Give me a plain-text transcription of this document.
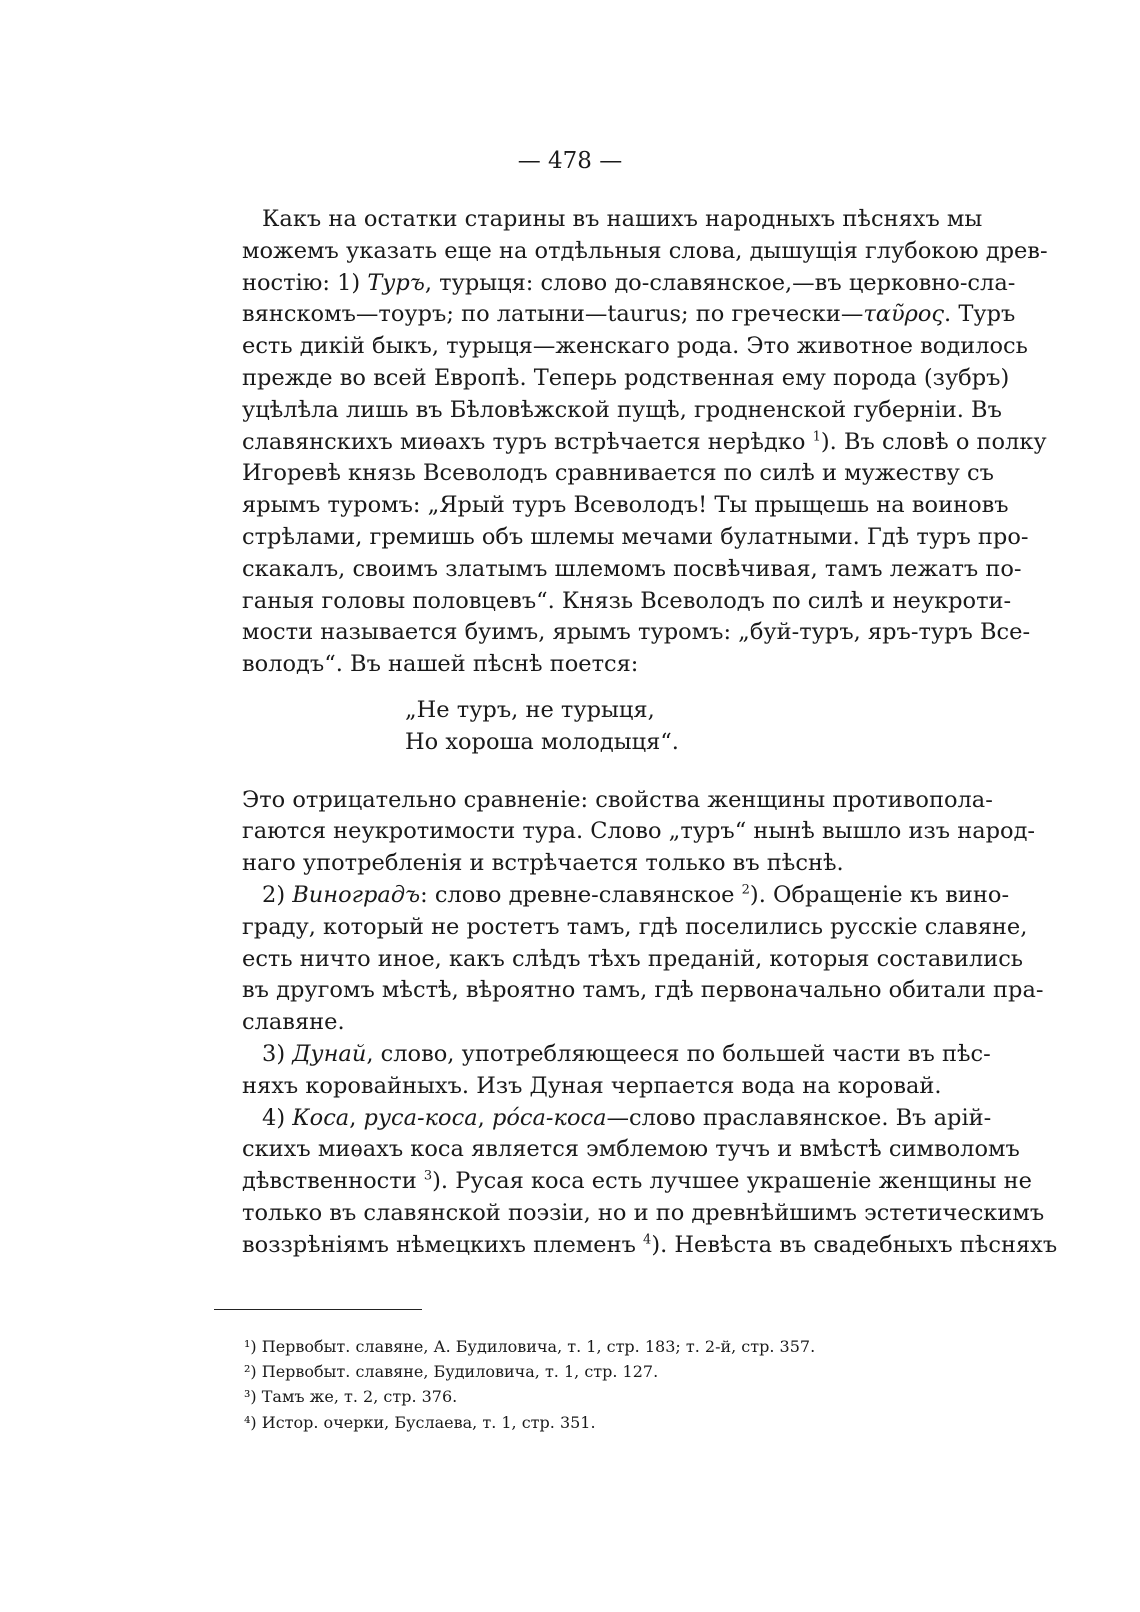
— 478 —
Какъ на остатки старины въ нашихъ народныхъ пѣсняхъ мы
можемъ указать еще на отдѣльныя слова, дышущія глубокою древ-
ностію: 1) Туръ, турыця: слово до-славянское,—въ церковно-сла-
вянскомъ—тоуръ; по латыни—taurus; по гречески—ταῦρος. Туръ
есть дикій быкъ, турыця—женскаго рода. Это животное водилось
прежде во всей Европѣ. Теперь родственная ему порода (зубръ)
уцѣлѣла лишь въ Бѣловѣжской пущѣ, гродненской губерніи. Въ
славянскихъ миѳахъ туръ встрѣчается нерѣдко $^1$). Въ словѣ о полку
Игоревѣ князь Всеволодъ сравнивается по силѣ и мужеству съ
ярымъ туромъ: „Ярый туръ Всеволодъ! Ты прыщешь на воиновъ
стрѣлами, гремишь объ шлемы мечами булатными. Гдѣ туръ про-
скакалъ, своимъ златымъ шлемомъ посвѣчивая, тамъ лежатъ по-
ганыя головы половцевъ“. Князь Всеволодъ по силѣ и неукроти-
мости называется буимъ, ярымъ туромъ: „буй-туръ, яръ-туръ Все-
володъ“. Въ нашей пѣснѣ поется:
„Не туръ, не турыця,
Но хороша молодыця“.
Это отрицательно сравненіе: свойства женщины противопола-
гаются неукротимости тура. Слово „туръ“ нынѣ вышло изъ народ-
наго употребленія и встрѣчается только въ пѣснѣ.
2) Виноградъ: слово древне-славянское $^2$). Обращеніе къ вино-
граду, который не ростетъ тамъ, гдѣ поселились русскіе славяне,
есть ничто иное, какъ слѣдъ тѣхъ преданій, которыя составились
въ другомъ мѣстѣ, вѣроятно тамъ, гдѣ первоначально обитали пра-
славяне.
3) Дунай, слово, употребляющееся по большей части въ пѣс-
няхъ коровайныхъ. Изъ Дуная черпается вода на коровай.
4) Коса, руса-коса, ро́са-коса—слово праславянское. Въ арій-
скихъ миѳахъ коса является эмблемою тучъ и вмѣстѣ символомъ
дѣвственности $^3$). Русая коса есть лучшее украшеніе женщины не
только въ славянской поэзіи, но и по древнѣйшимъ эстетическимъ
воззрѣніямъ нѣмецкихъ племенъ $^4$). Невѣста въ свадебныхъ пѣсняхъ
¹) Первобыт. славяне, А. Будиловича, т. 1, стр. 183; т. 2-й, стр. 357.
²) Первобыт. славяне, Будиловича, т. 1, стр. 127.
³) Тамъ же, т. 2, стр. 376.
⁴) Истор. очерки, Буслаева, т. 1, стр. 351.
